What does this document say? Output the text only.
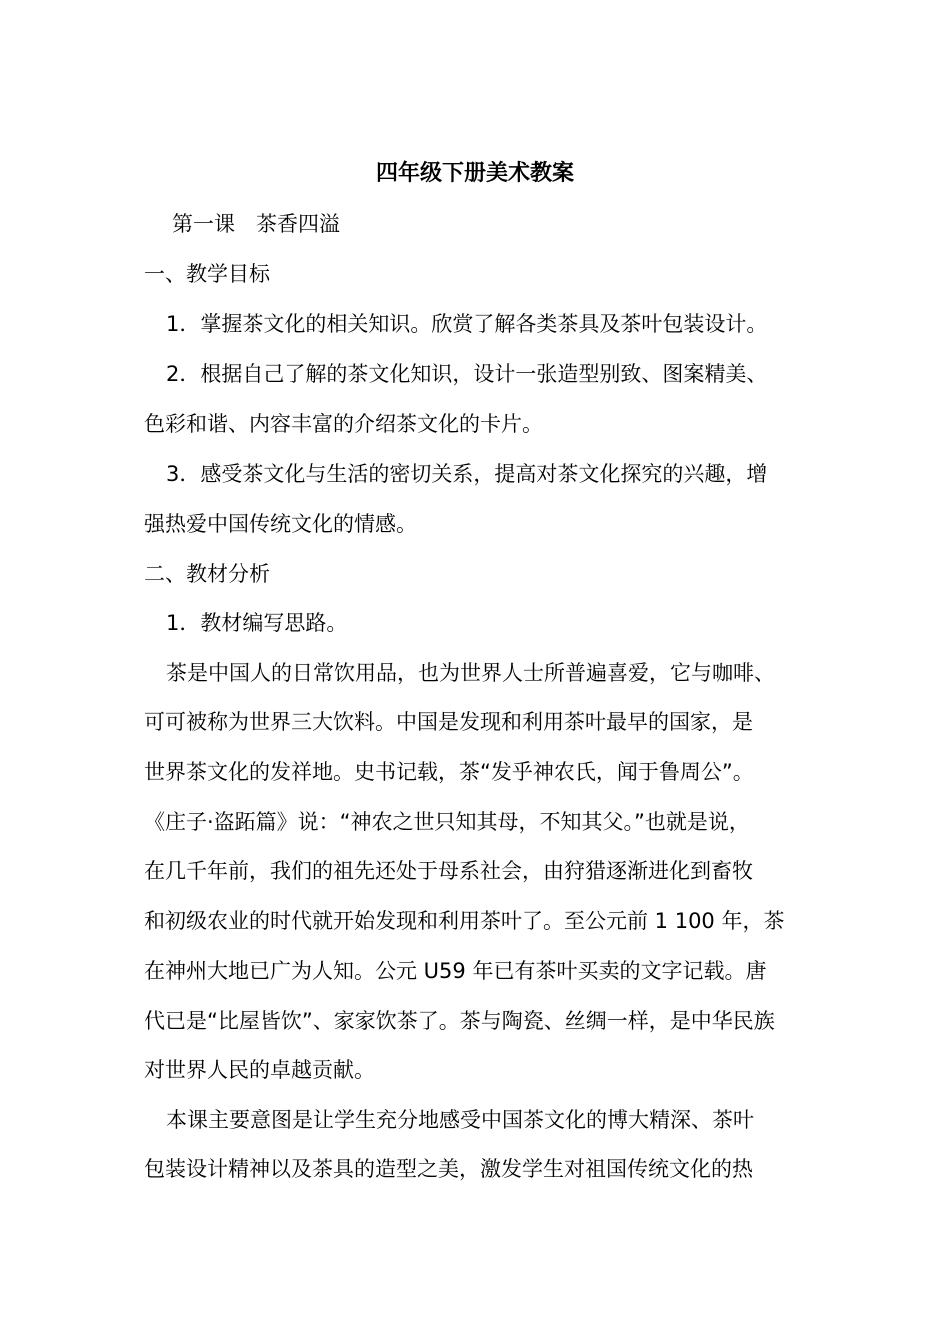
四年级下册美术教案
第一课　茶香四溢
一、教学目标
1．掌握茶文化的相关知识。欣赏了解各类茶具及茶叶包装设计。
2．根据自己了解的茶文化知识，设计一张造型别致、图案精美、
色彩和谐、内容丰富的介绍茶文化的卡片。
3．感受茶文化与生活的密切关系，提高对茶文化探究的兴趣，增
强热爱中国传统文化的情感。
二、教材分析
1．教材编写思路。
茶是中国人的日常饮用品，也为世界人士所普遍喜爱，它与咖啡、
可可被称为世界三大饮料。中国是发现和利用茶叶最早的国家，是
世界茶文化的发祥地。史书记载，茶“发乎神农氏，闻于鲁周公”。
《庄子·盗跖篇》说：“神农之世只知其母，不知其父。”也就是说，
在几千年前，我们的祖先还处于母系社会，由狩猎逐渐进化到畜牧
和初级农业的时代就开始发现和利用茶叶了。至公元前 1 100 年，茶
在神州大地已广为人知。公元 U59 年已有茶叶买卖的文字记载。唐
代已是“比屋皆饮”、家家饮茶了。茶与陶瓷、丝绸一样，是中华民族
对世界人民的卓越贡献。
本课主要意图是让学生充分地感受中国茶文化的博大精深、茶叶
包装设计精神以及茶具的造型之美，激发学生对祖国传统文化的热
